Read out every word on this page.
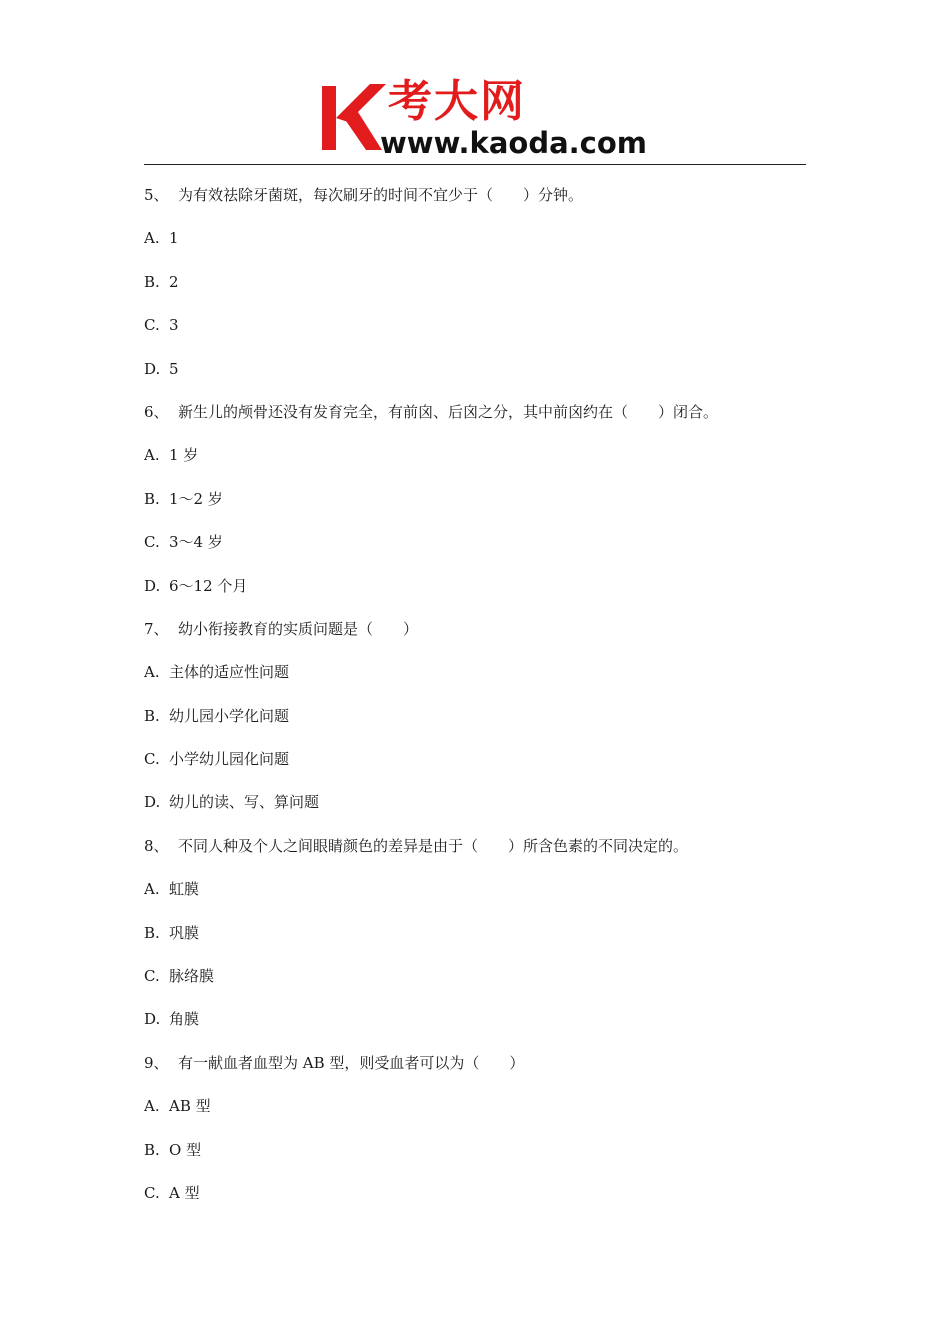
考大网
www.kaoda.com
5、 为有效祛除牙菌斑，每次刷牙的时间不宜少于（　　）分钟。
A. 1
B. 2
C. 3
D. 5
6、 新生儿的颅骨还没有发育完全，有前囟、后囟之分，其中前囟约在（　　）闭合。
A. 1 岁
B. 1～2 岁
C. 3～4 岁
D. 6～12 个月
7、 幼小衔接教育的实质问题是（　　）
A. 主体的适应性问题
B. 幼儿园小学化问题
C. 小学幼儿园化问题
D. 幼儿的读、写、算问题
8、 不同人种及个人之间眼睛颜色的差异是由于（　　）所含色素的不同决定的。
A. 虹膜
B. 巩膜
C. 脉络膜
D. 角膜
9、 有一献血者血型为 AB 型，则受血者可以为（　　）
A. AB 型
B. O 型
C. A 型
